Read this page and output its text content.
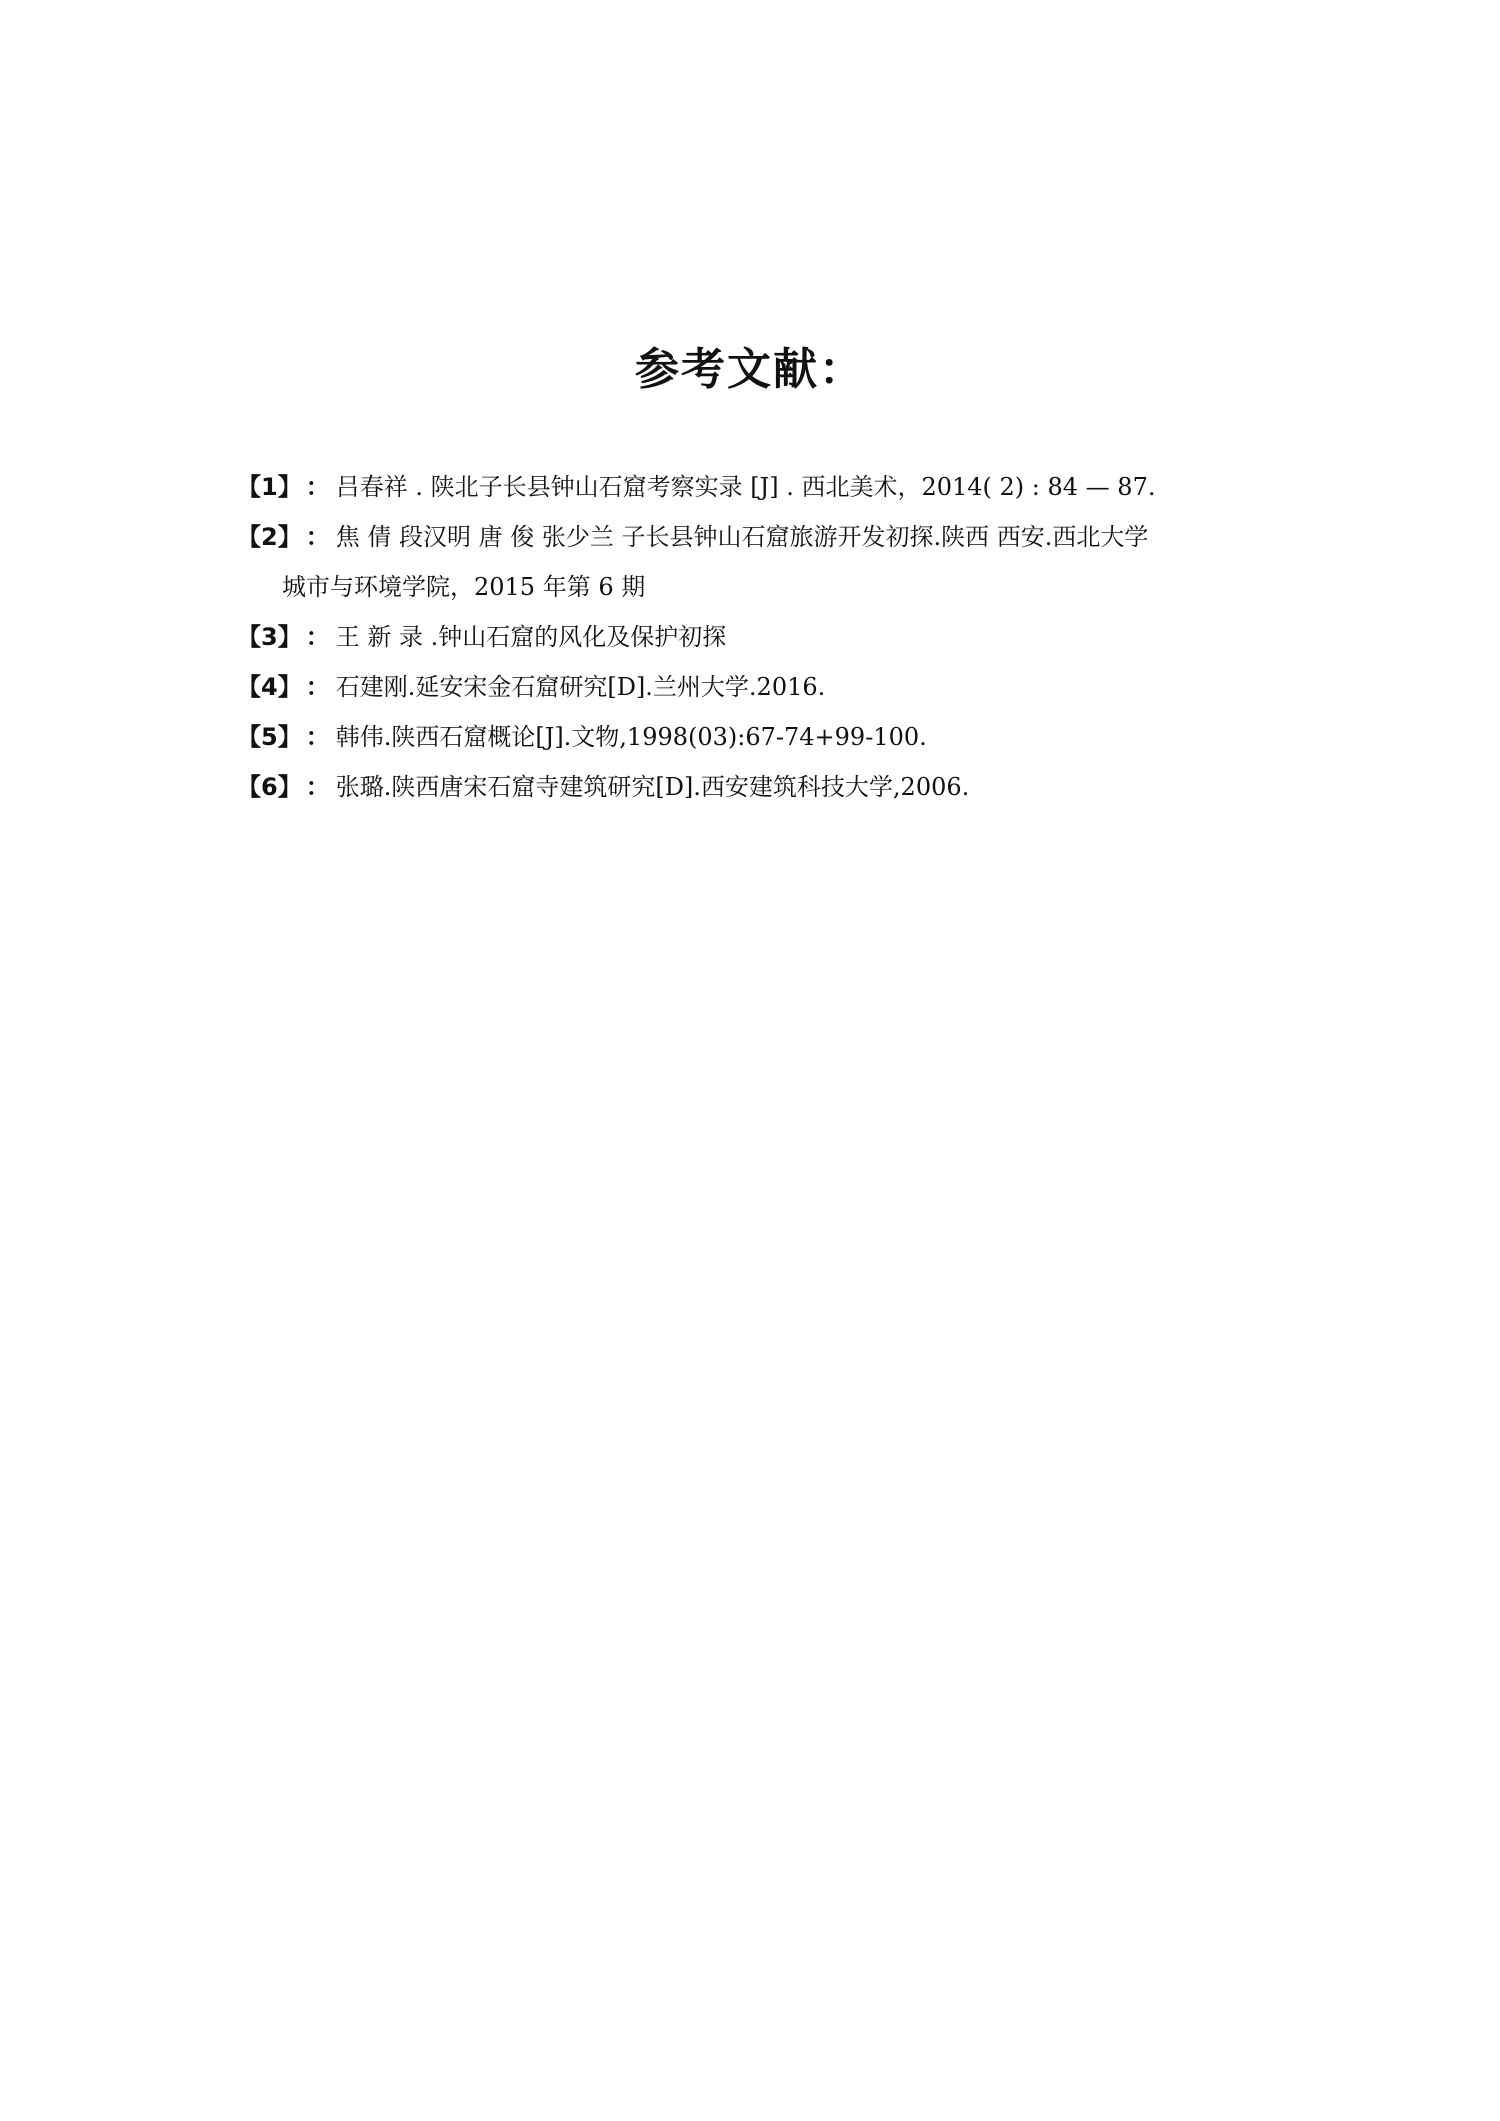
参考文献：
【1】 ： 吕春祥 . 陕北子长县钟山石窟考察实录 [J] . 西北美术，2014( 2) : 84 — 87.
【2】 ： 焦 倩 段汉明 唐 俊 张少兰 子长县钟山石窟旅游开发初探.陕西 西安.西北大学
城市与环境学院，2015 年第 6 期
【3】 ： 王 新 录 .钟山石窟的风化及保护初探
【4】 ： 石建刚.延安宋金石窟研究[D].兰州大学.2016.
【5】 ： 韩伟.陕西石窟概论[J].文物,1998(03):67-74+99-100.
【6】 ： 张璐.陕西唐宋石窟寺建筑研究[D].西安建筑科技大学,2006.
